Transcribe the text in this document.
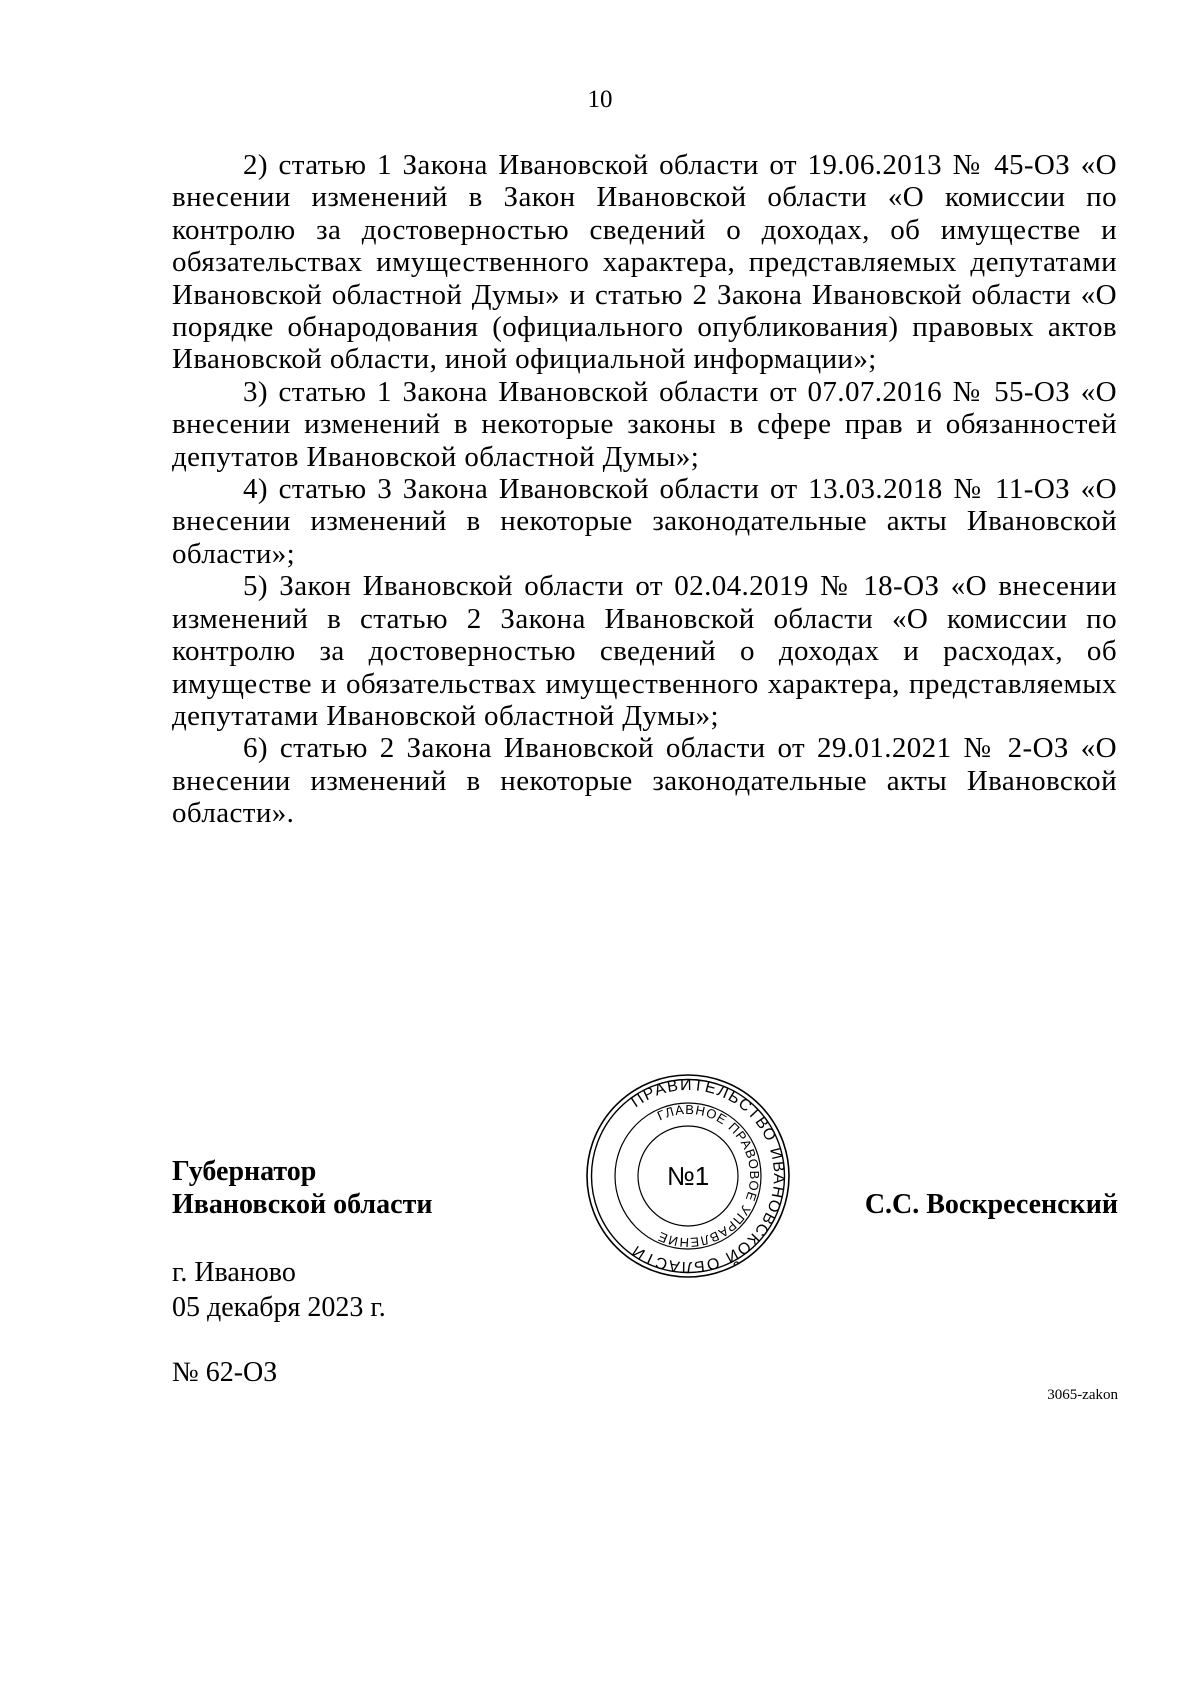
10

2) статью 1 Закона Ивановской области от 19.06.2013 № 45-ОЗ «О внесении изменений в Закон Ивановской области «О комиссии по контролю за достоверностью сведений о доходах, об имуществе и обязательствах имущественного характера, представляемых депутатами Ивановской областной Думы» и статью 2 Закона Ивановской области «О порядке обнародования (официального опубликования) правовых актов Ивановской области, иной официальной информации»;

3) статью 1 Закона Ивановской области от 07.07.2016 № 55-ОЗ «О внесении изменений в некоторые законы в сфере прав и обязанностей депутатов Ивановской областной Думы»;

4) статью 3 Закона Ивановской области от 13.03.2018 № 11-ОЗ «О внесении изменений в некоторые законодательные акты Ивановской области»;

5) Закон Ивановской области от 02.04.2019 № 18-ОЗ «О внесении изменений в статью 2 Закона Ивановской области «О комиссии по контролю за достоверностью сведений о доходах и расходах, об имуществе и обязательствах имущественного характера, представляемых депутатами Ивановской областной Думы»;

6) статью 2 Закона Ивановской области от 29.01.2021 № 2-ОЗ «О внесении изменений в некоторые законодательные акты Ивановской области».

Губернатор
Ивановской области
ПРАВИТЕЛЬСТВО ИВАНОВСКОЙ ОБЛАСТИ
ГЛАВНОЕ ПРАВОВОЕ УПРАВЛЕНИЕ
№1
С.С. Воскресенский
г. Иваново
05 декабря 2023 г.
№ 62-ОЗ
3065-zakon
